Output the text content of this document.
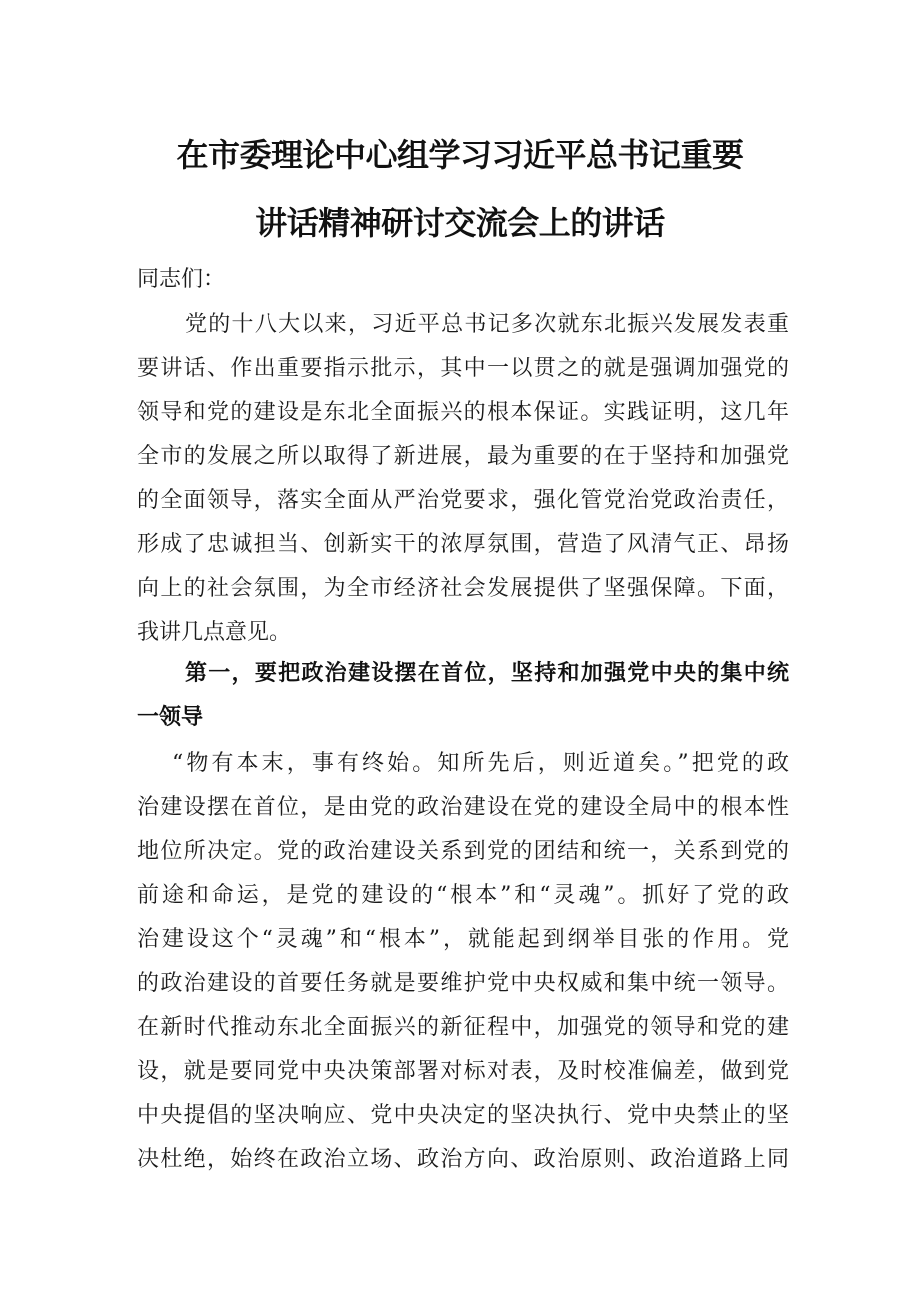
在市委理论中心组学习习近平总书记重要
讲话精神研讨交流会上的讲话
同志们：
党的十八大以来，习近平总书记多次就东北振兴发展发表重
要讲话、作出重要指示批示，其中一以贯之的就是强调加强党的
领导和党的建设是东北全面振兴的根本保证。实践证明，这几年
全市的发展之所以取得了新进展，最为重要的在于坚持和加强党
的全面领导，落实全面从严治党要求，强化管党治党政治责任，
形成了忠诚担当、创新实干的浓厚氛围，营造了风清气正、昂扬
向上的社会氛围，为全市经济社会发展提供了坚强保障。下面，
我讲几点意见。
第一，要把政治建设摆在首位，坚持和加强党中央的集中统
一领导
“物有本末，事有终始。知所先后，则近道矣。”把党的政
治建设摆在首位，是由党的政治建设在党的建设全局中的根本性
地位所决定。党的政治建设关系到党的团结和统一，关系到党的
前途和命运，是党的建设的“根本”和“灵魂”。抓好了党的政
治建设这个“灵魂”和“根本”，就能起到纲举目张的作用。党
的政治建设的首要任务就是要维护党中央权威和集中统一领导。
在新时代推动东北全面振兴的新征程中，加强党的领导和党的建
设，就是要同党中央决策部署对标对表，及时校准偏差，做到党
中央提倡的坚决响应、党中央决定的坚决执行、党中央禁止的坚
决杜绝，始终在政治立场、政治方向、政治原则、政治道路上同
